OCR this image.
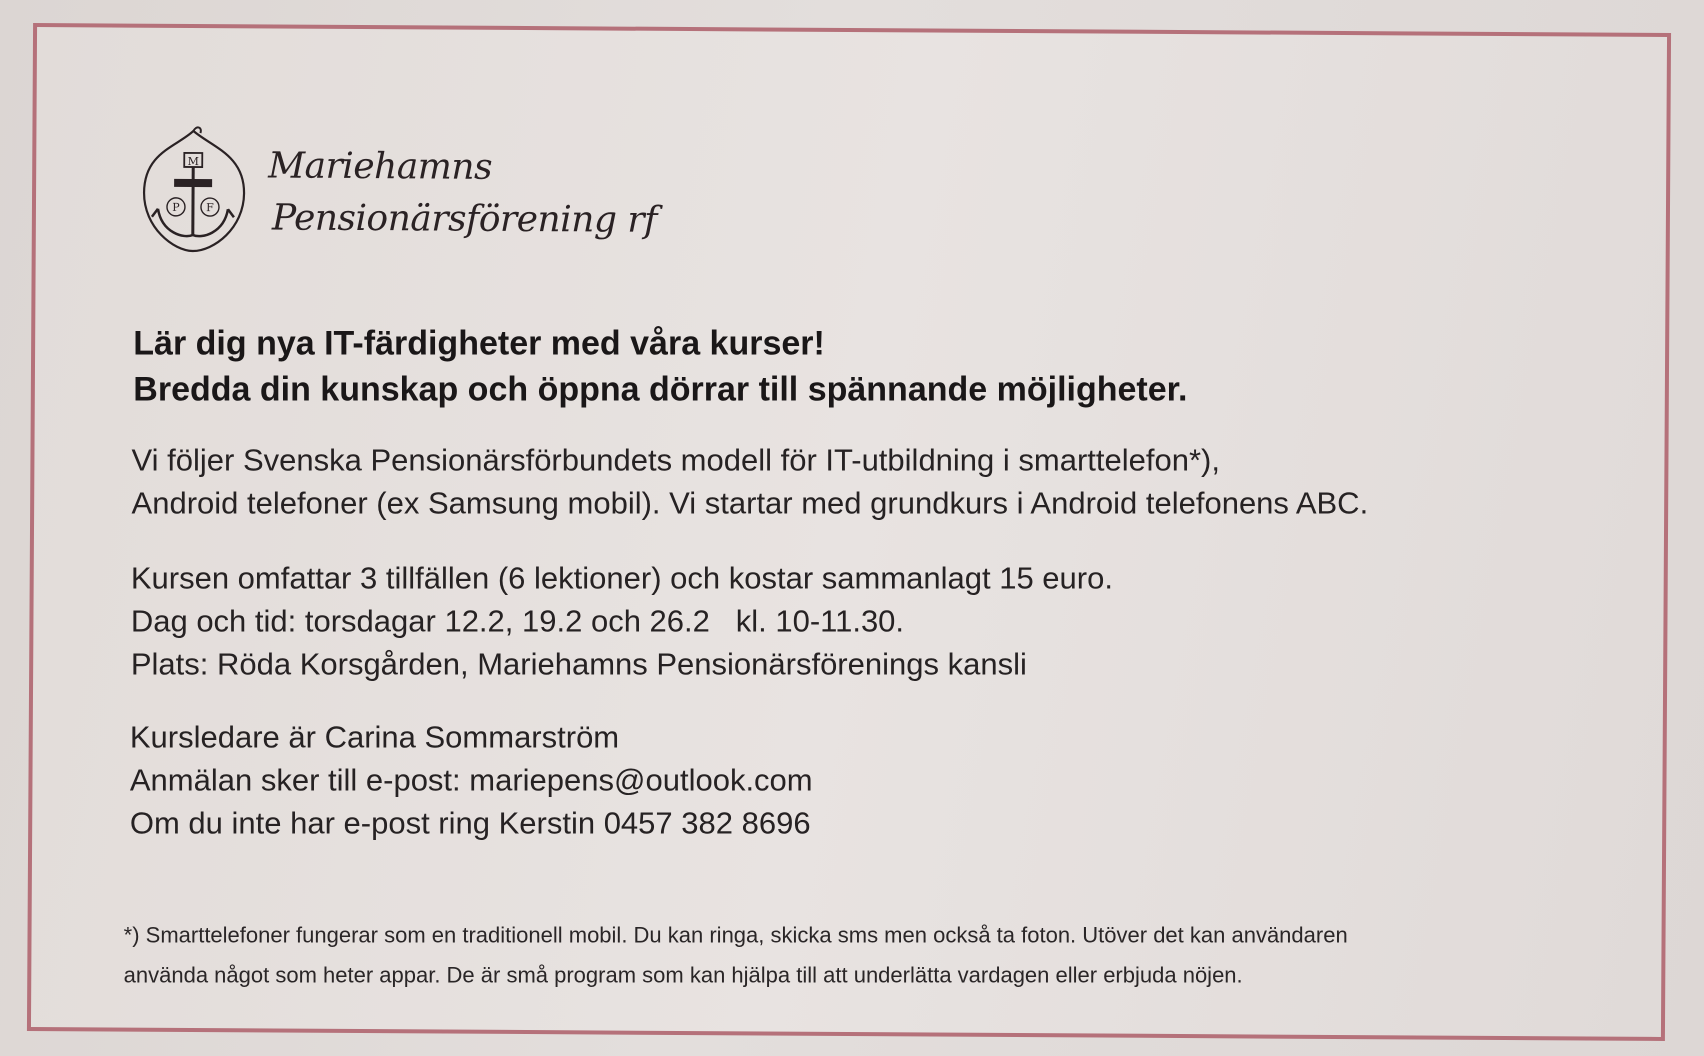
M
P F
Mariehamns
Pensionärsförening rf
Lär dig nya IT-färdigheter med våra kurser!
Bredda din kunskap och öppna dörrar till spännande möjligheter.
Vi följer Svenska Pensionärsförbundets modell för IT-utbildning i smarttelefon*),
Android telefoner (ex Samsung mobil). Vi startar med grundkurs i Android telefonens ABC.
Kursen omfattar 3 tillfällen (6 lektioner) och kostar sammanlagt 15 euro.
Dag och tid: torsdagar 12.2, 19.2 och 26.2   kl. 10-11.30.
Plats: Röda Korsgården, Mariehamns Pensionärsförenings kansli
Kursledare är Carina Sommarström
Anmälan sker till e-post: mariepens@outlook.com
Om du inte har e-post ring Kerstin 0457 382 8696
*) Smarttelefoner fungerar som en traditionell mobil. Du kan ringa, skicka sms men också ta foton. Utöver det kan användaren
använda något som heter appar. De är små program som kan hjälpa till att underlätta vardagen eller erbjuda nöjen.
